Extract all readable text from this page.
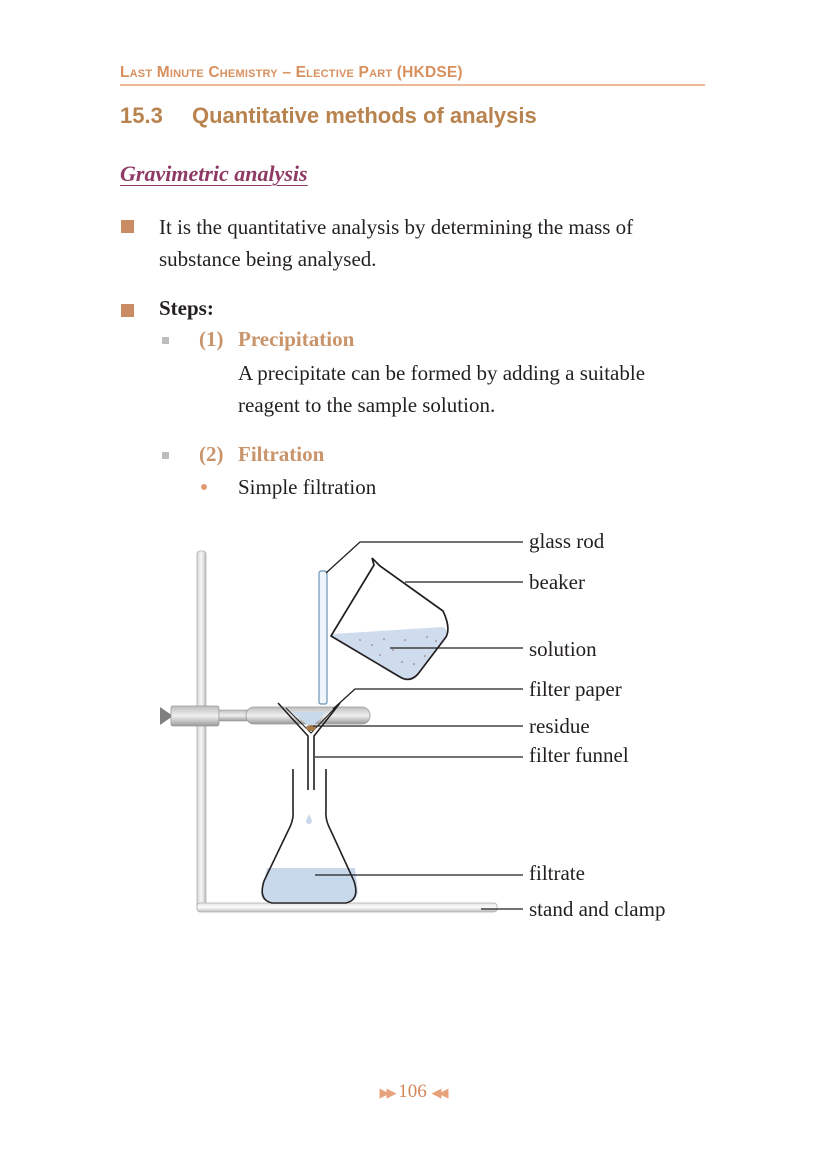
Last Minute Chemistry – Elective Part (HKDSE)
15.3 Quantitative methods of analysis
Gravimetric analysis
It is the quantitative analysis by determining the mass of
substance being analysed.
Steps:
(1) Precipitation
A precipitate can be formed by adding a suitable
reagent to the sample solution.
(2) Filtration
Simple filtration
glass rod
beaker
solution
filter paper
residue
filter funnel
filtrate
stand and clamp
▶▶ 106 ◀◀
